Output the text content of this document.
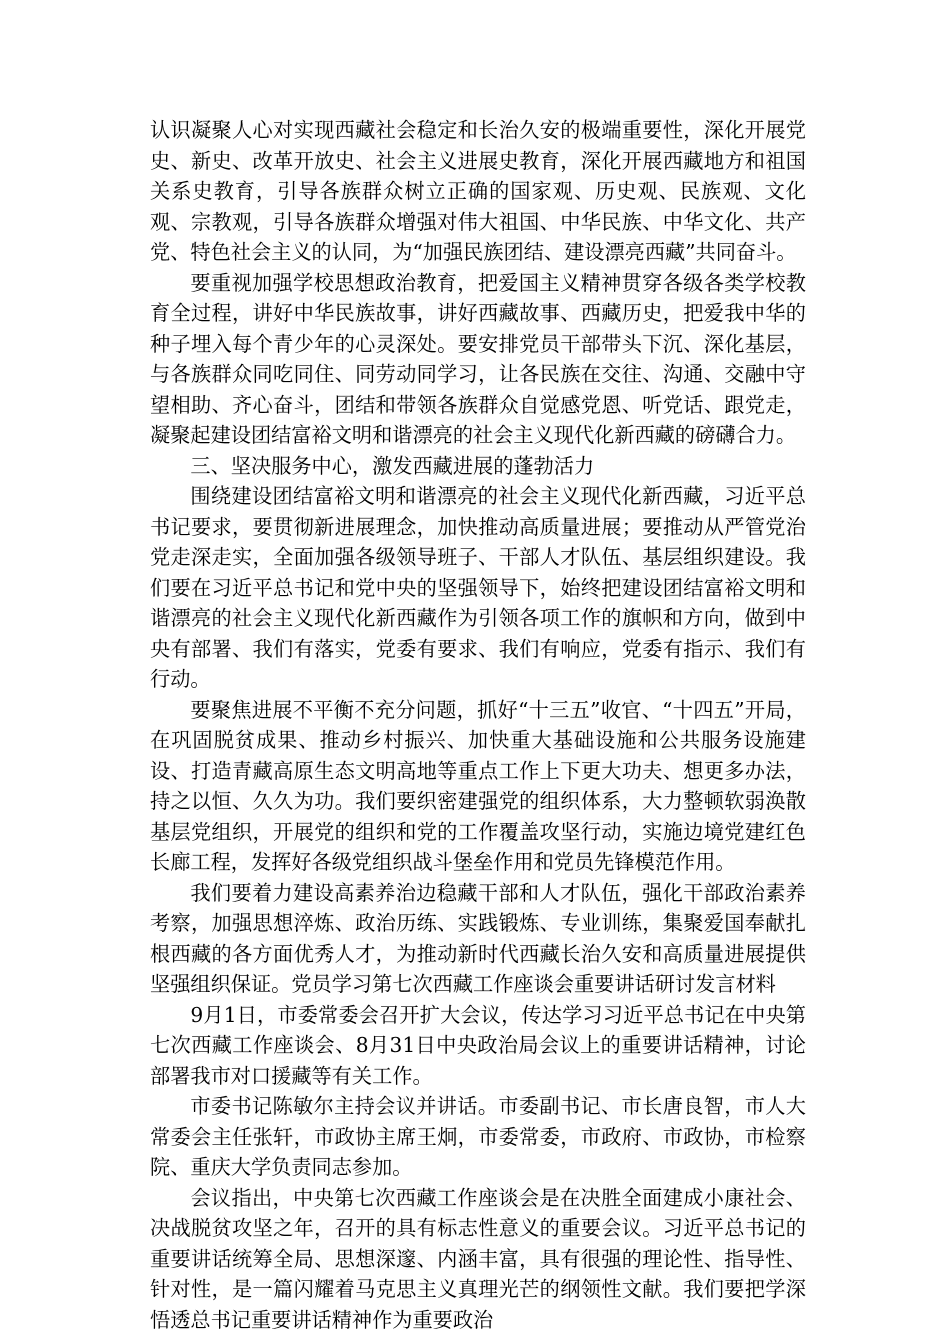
认识凝聚人心对实现西藏社会稳定和长治久安的极端重要性，深化开展党史、新史、改革开放史、社会主义进展史教育，深化开展西藏地方和祖国关系史教育，引导各族群众树立正确的国家观、历史观、民族观、文化观、宗教观，引导各族群众增强对伟大祖国、中华民族、中华文化、共产党、特色社会主义的认同，为“加强民族团结、建设漂亮西藏”共同奋斗。

要重视加强学校思想政治教育，把爱国主义精神贯穿各级各类学校教育全过程，讲好中华民族故事，讲好西藏故事、西藏历史，把爱我中华的种子埋入每个青少年的心灵深处。要安排党员干部带头下沉、深化基层，与各族群众同吃同住、同劳动同学习，让各民族在交往、沟通、交融中守望相助、齐心奋斗，团结和带领各族群众自觉感党恩、听党话、跟党走，凝聚起建设团结富裕文明和谐漂亮的社会主义现代化新西藏的磅礴合力。

三、坚决服务中心，激发西藏进展的蓬勃活力

围绕建设团结富裕文明和谐漂亮的社会主义现代化新西藏，习近平总书记要求，要贯彻新进展理念，加快推动高质量进展；要推动从严管党治党走深走实，全面加强各级领导班子、干部人才队伍、基层组织建设。我们要在习近平总书记和党中央的坚强领导下，始终把建设团结富裕文明和谐漂亮的社会主义现代化新西藏作为引领各项工作的旗帜和方向，做到中央有部署、我们有落实，党委有要求、我们有响应，党委有指示、我们有行动。

要聚焦进展不平衡不充分问题，抓好“十三五”收官、“十四五”开局，在巩固脱贫成果、推动乡村振兴、加快重大基础设施和公共服务设施建设、打造青藏高原生态文明高地等重点工作上下更大功夫、想更多办法，持之以恒、久久为功。我们要织密建强党的组织体系，大力整顿软弱涣散基层党组织，开展党的组织和党的工作覆盖攻坚行动，实施边境党建红色长廊工程，发挥好各级党组织战斗堡垒作用和党员先锋模范作用。

我们要着力建设高素养治边稳藏干部和人才队伍，强化干部政治素养考察，加强思想淬炼、政治历练、实践锻炼、专业训练，集聚爱国奉献扎根西藏的各方面优秀人才，为推动新时代西藏长治久安和高质量进展提供坚强组织保证。党员学习第七次西藏工作座谈会重要讲话研讨发言材料

9月1日，市委常委会召开扩大会议，传达学习习近平总书记在中央第七次西藏工作座谈会、8月31日中央政治局会议上的重要讲话精神，讨论部署我市对口援藏等有关工作。

市委书记陈敏尔主持会议并讲话。市委副书记、市长唐良智，市人大常委会主任张轩，市政协主席王炯，市委常委，市政府、市政协，市检察院、重庆大学负责同志参加。

会议指出，中央第七次西藏工作座谈会是在决胜全面建成小康社会、决战脱贫攻坚之年，召开的具有标志性意义的重要会议。习近平总书记的重要讲话统筹全局、思想深邃、内涵丰富，具有很强的理论性、指导性、针对性，是一篇闪耀着马克思主义真理光芒的纲领性文献。我们要把学深悟透总书记重要讲话精神作为重要政治
